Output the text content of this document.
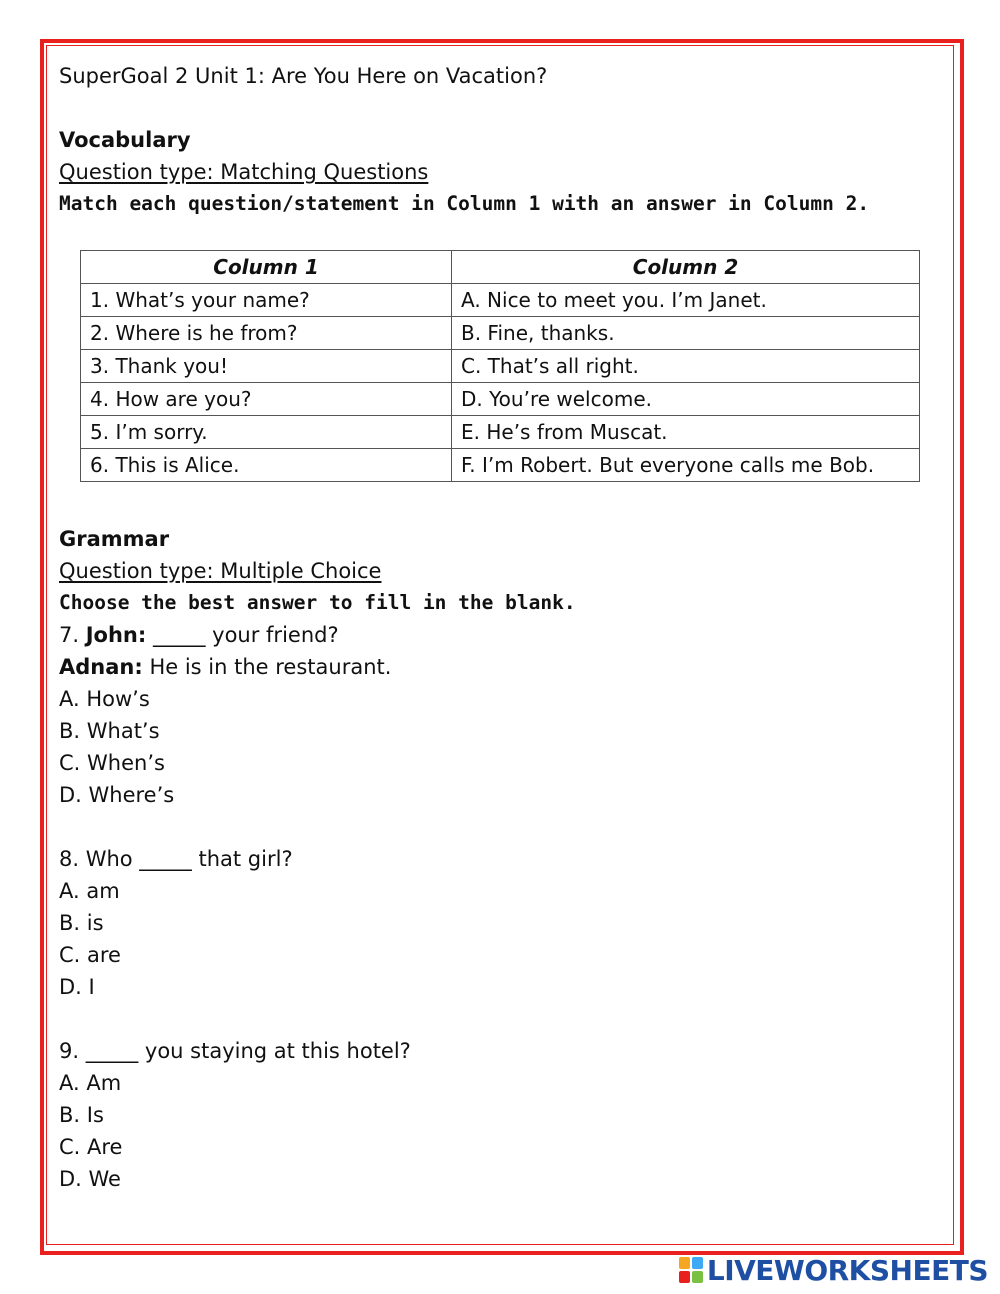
SuperGoal 2 Unit 1: Are You Here on Vacation?
Vocabulary
Question type: Matching Questions
Match each question/statement in Column 1 with an answer in Column 2.
Column 1	Column 2
1. What’s your name?	A. Nice to meet you. I’m Janet.
2. Where is he from?	B. Fine, thanks.
3. Thank you!	C. That’s all right.
4. How are you?	D. You’re welcome.
5. I’m sorry.	E. He’s from Muscat.
6. This is Alice.	F. I’m Robert. But everyone calls me Bob.
Grammar
Question type: Multiple Choice
Choose the best answer to fill in the blank.
7. John: _____ your friend?
Adnan: He is in the restaurant.
A. How’s
B. What’s
C. When’s
D. Where’s
8. Who _____ that girl?
A. am
B. is
C. are
D. I
9. _____ you staying at this hotel?
A. Am
B. Is
C. Are
D. We
LIVEWORKSHEETS
